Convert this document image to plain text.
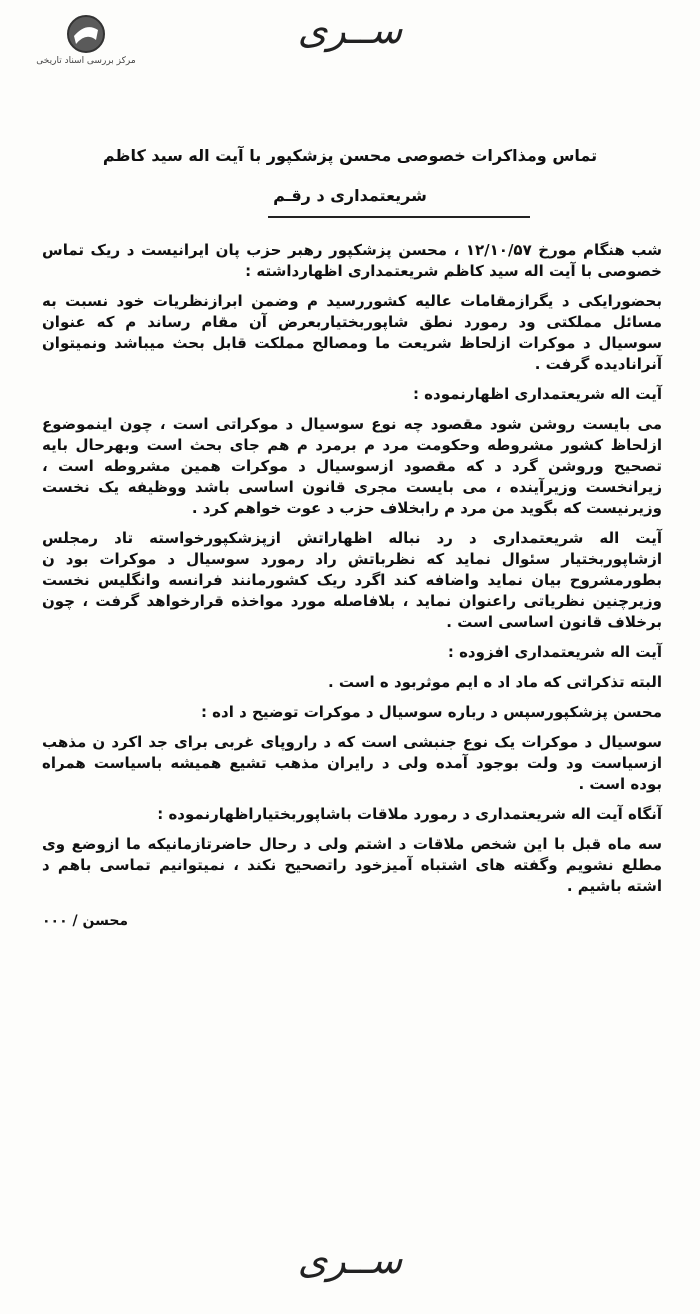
مرکز بررسی اسناد تاریخی
ســری
تماس ومذاکرات خصوصی محسن پزشکپور با آیت اله سید کاظم
شریعتمداری د رقـم

شب هنگام مورخ ۱۲/۱۰/۵۷ ، محسن پزشکپور رهبر حزب پان ایرانیست د ریک تماس خصوصی با آیت اله سید کاظم شریعتمداری اظهارداشته :

بحضورایکی د یگرازمقامات عالیه کشوررسید م وضمن ابرازنظریات خود نسبت به مسائل مملکتی ود رمورد نطق شاپوربختیاربعرض آن مقام رساند م که عنوان سوسیال د موکرات ازلحاظ شریعت ما ومصالح مملکت قابل بحث میباشد ونمیتوان آنرانادیده گرفت .

آیت اله شریعتمداری اظهارنموده :

می بایست روشن شود مقصود چه نوع سوسیال د موکراتی است ، چون اینموضوع ازلحاظ کشور مشروطه وحکومت مرد م برمرد م هم جای بحث است وبهرحال بایه تصحیح وروشن گرد د که مقصود ازسوسیال د موکرات همین مشروطه است ، زیرانخست وزیرآینده ، می بایست مجری قانون اساسی باشد ووظیفه یک نخست وزیرنیست که بگوید من مرد م رابخلاف حزب د عوت خواهم کرد .

آیت اله شریعتمداری د رد نباله اظهاراتش ازپزشکپورخواسته تاد رمجلس ازشاپوربختیار سئوال نماید که نظرباتش راد رمورد سوسیال د موکرات بود ن بطورمشروح بیان نماید واضافه کند اگرد ریک کشورمانند فرانسه وانگلیس نخست وزیرچنین نظریاتی راعنوان نماید ، بلافاصله مورد مواخذه قرارخواهد گرفت ، چون برخلاف قانون اساسی است .

آیت اله شریعتمداری افزوده :

البته تذکراتی که ماد اد ه ایم موثربود ه است .

محسن پزشکپورسپس د رباره سوسیال د موکرات توضیح د اده :

سوسیال د موکرات یک نوع جنبشی است که د راروپای غربی برای جد اکرد ن مذهب ازسیاست ود ولت بوجود آمده ولی د رایران مذهب تشیع همیشه باسیاست همراه بوده است .

آنگاه آیت اله شریعتمداری د رمورد ملاقات باشاپوربختیاراظهارنموده :

سه ماه قبل با این شخص ملاقات د اشتم ولی د رحال حاضرتازمانیکه ما ازوضع وی مطلع نشویم وگفته های اشتباه آمیزخود راتصحیح نکند ، نمیتوانیم تماسی باهم د اشته باشیم .

محسن / ۰۰۰
ســری
